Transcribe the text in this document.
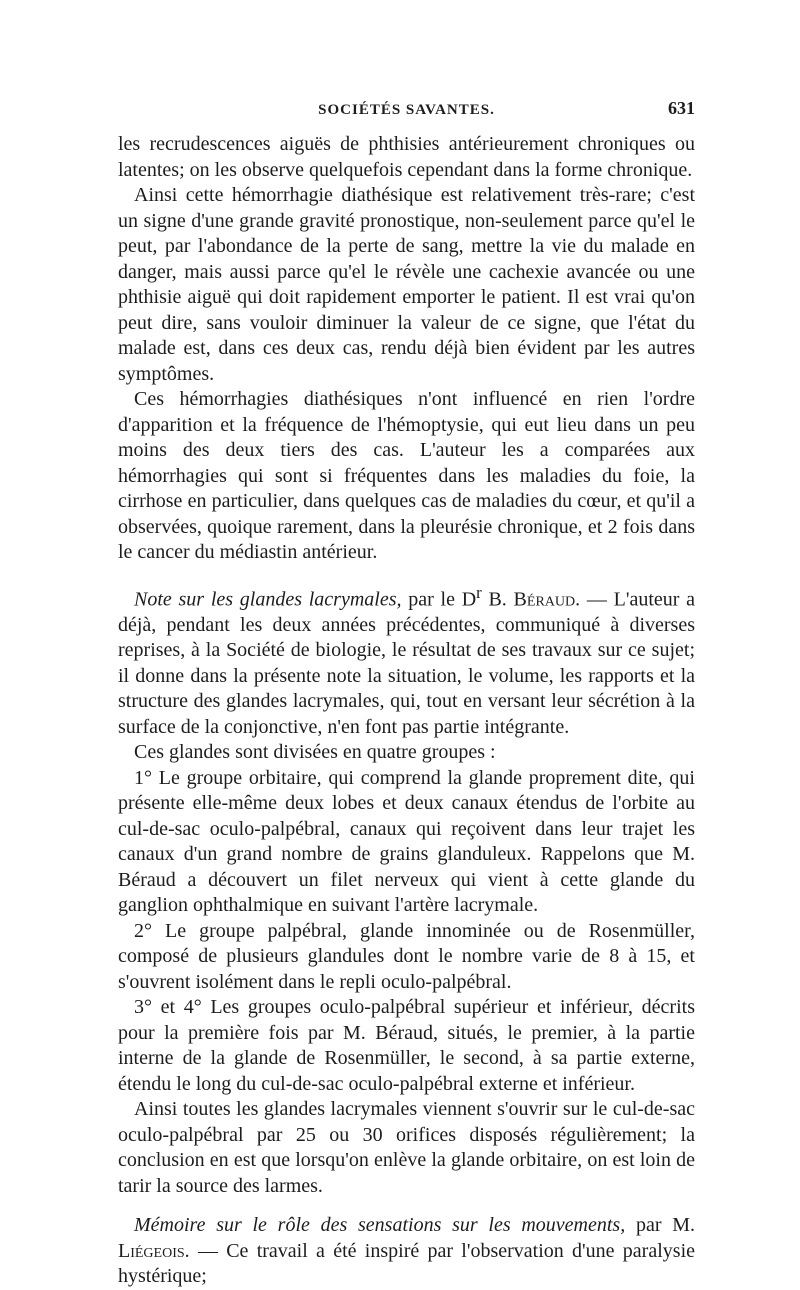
SOCIÉTÉS SAVANTES.	631

les recrudescences aiguës de phthisies antérieurement chroniques ou latentes; on les observe quelquefois cependant dans la forme chronique.

Ainsi cette hémorrhagie diathésique est relativement très-rare; c'est un signe d'une grande gravité pronostique, non-seulement parce qu'el le peut, par l'abondance de la perte de sang, mettre la vie du malade en danger, mais aussi parce qu'el le révèle une cachexie avancée ou une phthisie aiguë qui doit rapidement emporter le patient. Il est vrai qu'on peut dire, sans vouloir diminuer la valeur de ce signe, que l'état du malade est, dans ces deux cas, rendu déjà bien évident par les autres symptômes.

Ces hémorrhagies diathésiques n'ont influencé en rien l'ordre d'apparition et la fréquence de l'hémoptysie, qui eut lieu dans un peu moins des deux tiers des cas. L'auteur les a comparées aux hémorrhagies qui sont si fréquentes dans les maladies du foie, la cirrhose en particulier, dans quelques cas de maladies du cœur, et qu'il a observées, quoique rarement, dans la pleurésie chronique, et 2 fois dans le cancer du médiastin antérieur.

Note sur les glandes lacrymales, par le $D^r$ B. Béraud. — L'auteur a déjà, pendant les deux années précédentes, communiqué à diverses reprises, à la Société de biologie, le résultat de ses travaux sur ce sujet; il donne dans la présente note la situation, le volume, les rapports et la structure des glandes lacrymales, qui, tout en versant leur sécrétion à la surface de la conjonctive, n'en font pas partie intégrante.

Ces glandes sont divisées en quatre groupes :

1° Le groupe orbitaire, qui comprend la glande proprement dite, qui présente elle-même deux lobes et deux canaux étendus de l'orbite au cul-de-sac oculo-palpébral, canaux qui reçoivent dans leur trajet les canaux d'un grand nombre de grains glanduleux. Rappelons que M. Béraud a découvert un filet nerveux qui vient à cette glande du ganglion ophthalmique en suivant l'artère lacrymale.

2° Le groupe palpébral, glande innominée ou de Rosenmüller, composé de plusieurs glandules dont le nombre varie de 8 à 15, et s'ouvrent isolément dans le repli oculo-palpébral.

3° et 4° Les groupes oculo-palpébral supérieur et inférieur, décrits pour la première fois par M. Béraud, situés, le premier, à la partie interne de la glande de Rosenmüller, le second, à sa partie externe, étendu le long du cul-de-sac oculo-palpébral externe et inférieur.

Ainsi toutes les glandes lacrymales viennent s'ouvrir sur le cul-de-sac oculo-palpébral par 25 ou 30 orifices disposés régulièrement; la conclusion en est que lorsqu'on enlève la glande orbitaire, on est loin de tarir la source des larmes.

Mémoire sur le rôle des sensations sur les mouvements, par M. Liégeois. — Ce travail a été inspiré par l'observation d'une paralysie hystérique;
